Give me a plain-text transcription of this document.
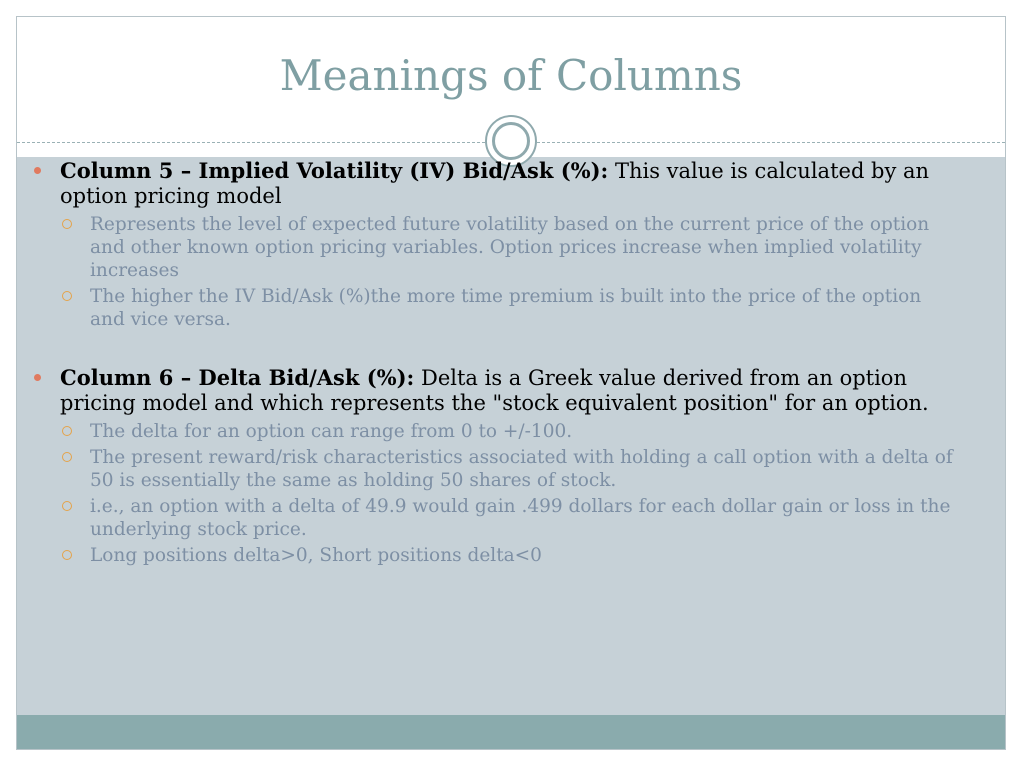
Meanings of Columns
Column 5 – Implied Volatility (IV) Bid/Ask (%): This value is calculated by an option pricing model
Represents the level of expected future volatility based on the current price of the option and other known option pricing variables. Option prices increase when implied volatility increases
The higher the IV Bid/Ask (%)the more time premium is built into the price of the option and vice versa.
Column 6 – Delta Bid/Ask (%): Delta is a Greek value derived from an option pricing model and which represents the "stock equivalent position" for an option.
The delta for an option can range from 0 to +/-100.
The present reward/risk characteristics associated with holding a call option with a delta of 50 is essentially the same as holding 50 shares of stock.
i.e., an option with a delta of 49.9 would gain .499 dollars for each dollar gain or loss in the underlying stock price.
Long positions delta>0, Short positions delta<0
